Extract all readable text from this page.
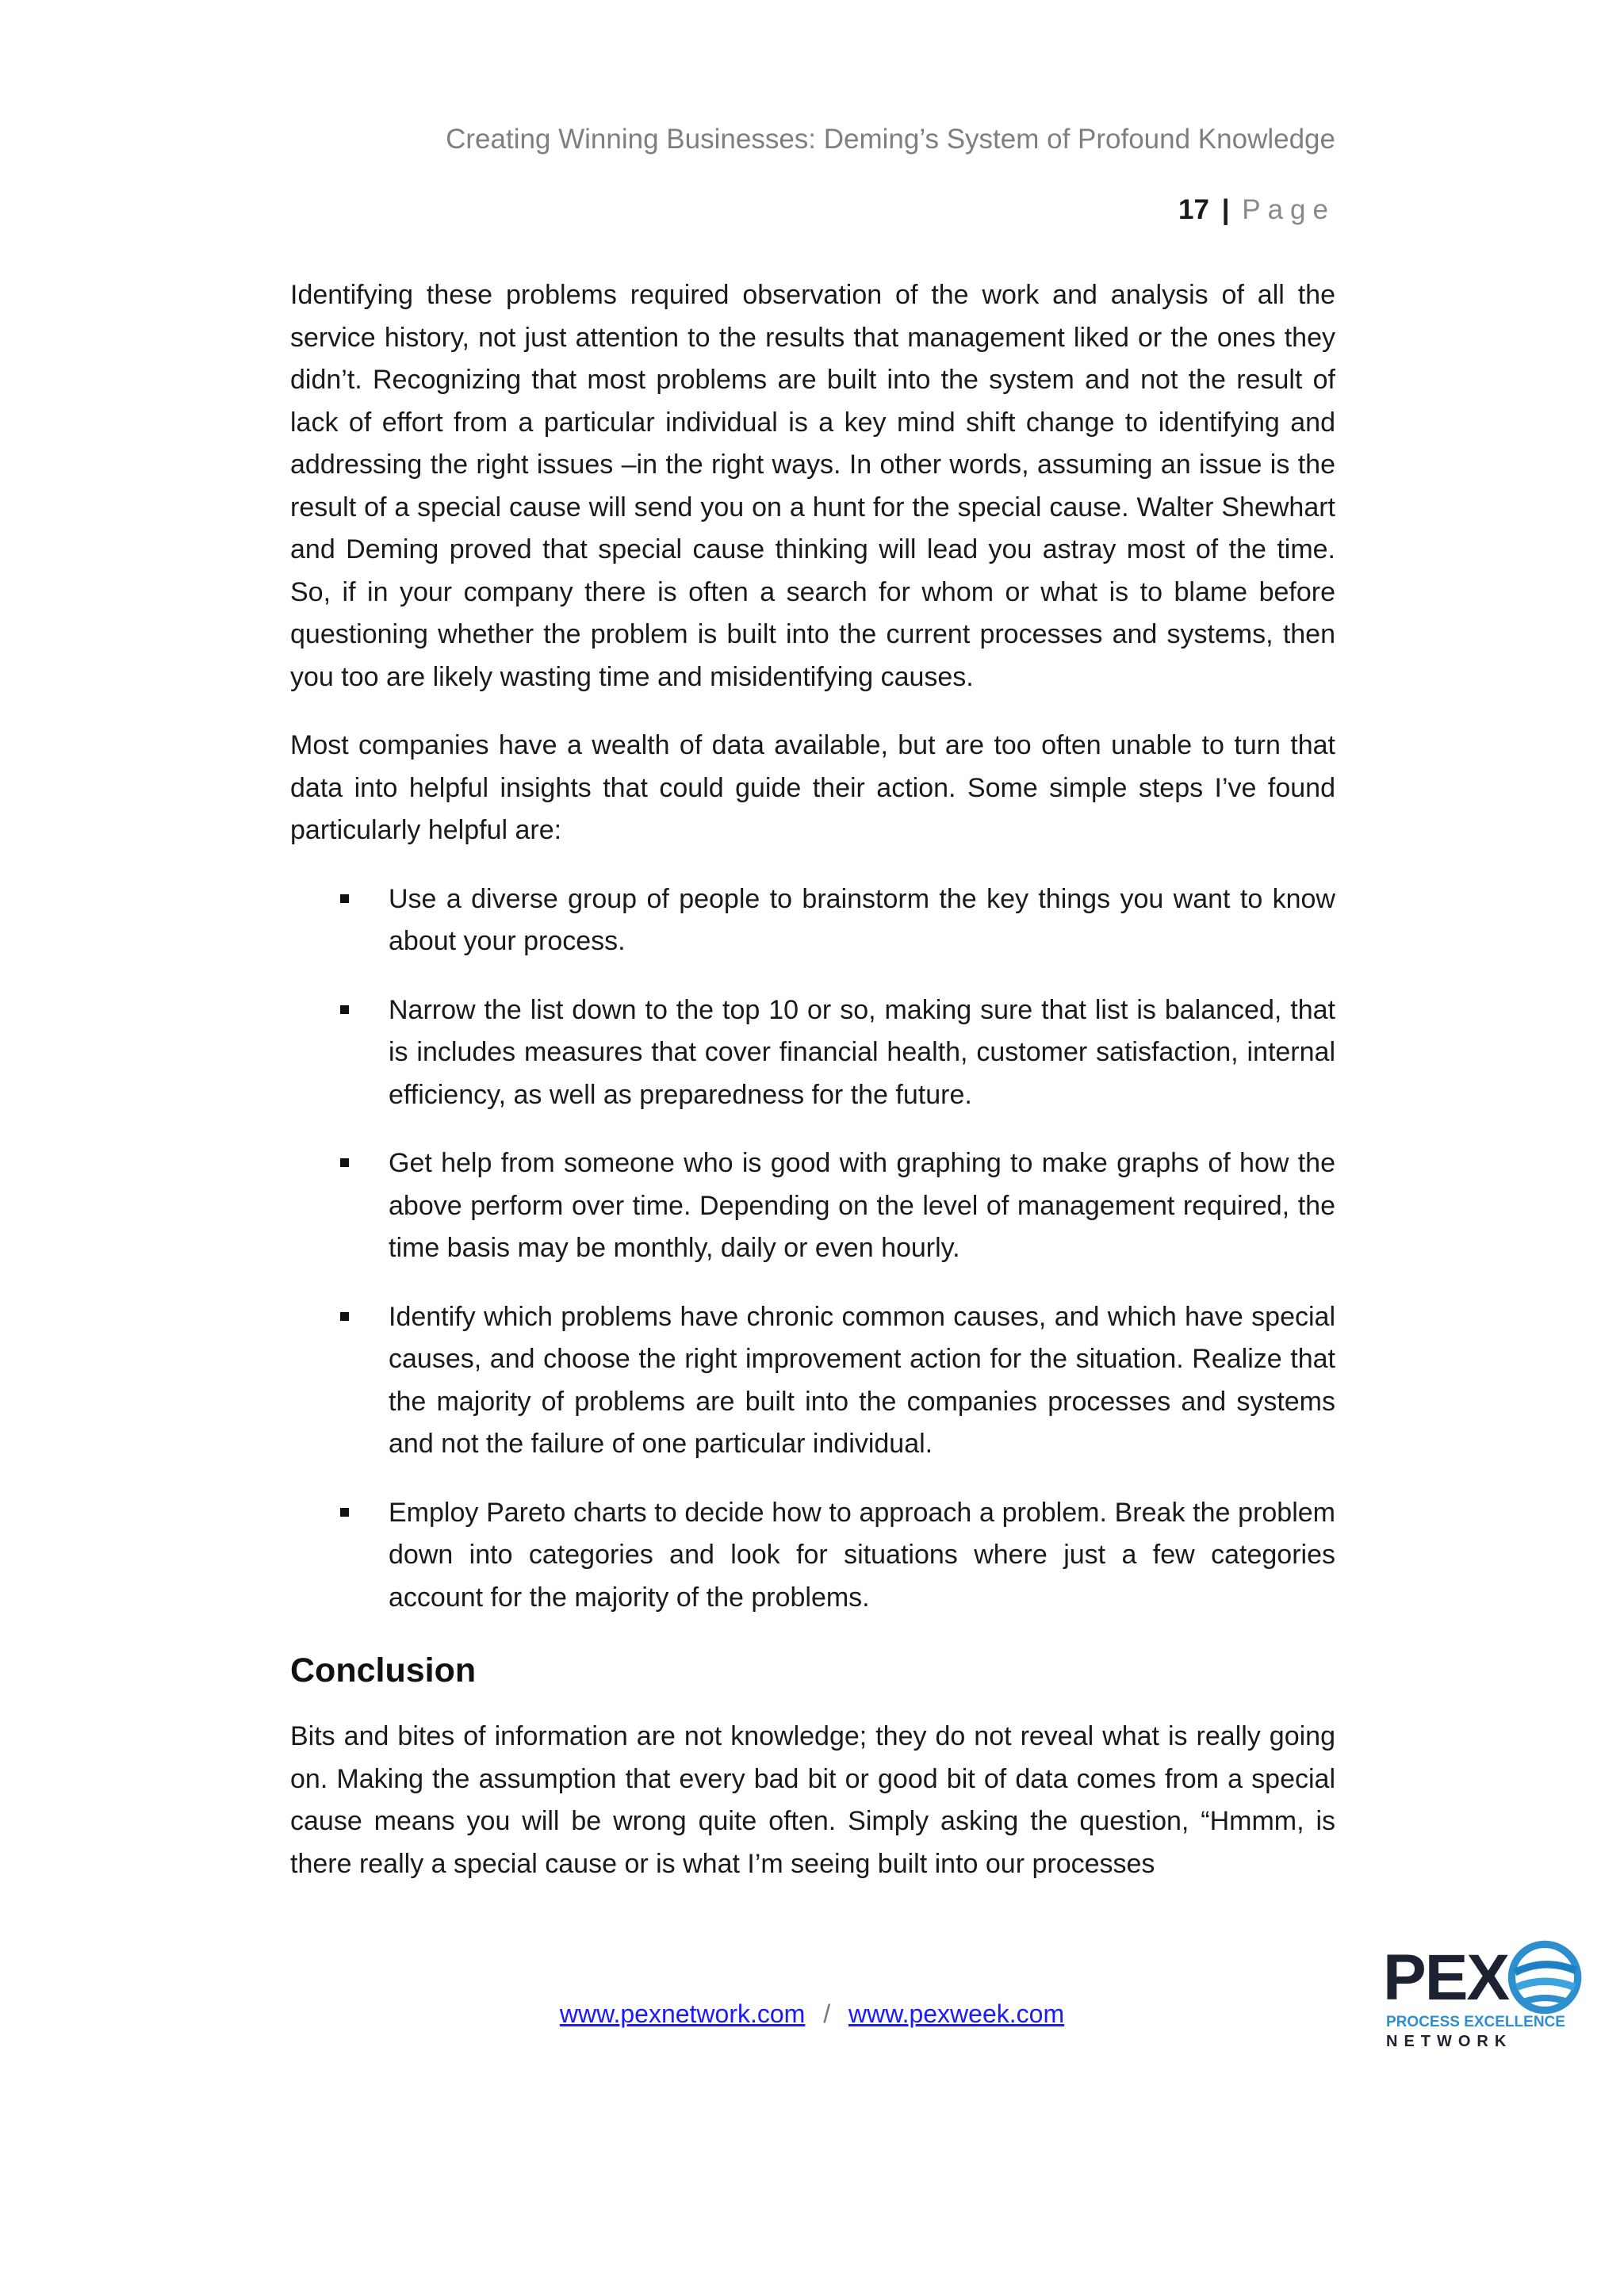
Creating Winning Businesses: Deming’s System of Profound Knowledge
17 | Page

Identifying these problems required observation of the work and analysis of all the service history, not just attention to the results that management liked or the ones they didn’t. Recognizing that most problems are built into the system and not the result of lack of effort from a particular individual is a key mind shift change to identifying and addressing the right issues –in the right ways. In other words, assuming an issue is the result of a special cause will send you on a hunt for the special cause. Walter Shewhart and Deming proved that special cause thinking will lead you astray most of the time. So, if in your company there is often a search for whom or what is to blame before questioning whether the problem is built into the current processes and systems, then you too are likely wasting time and misidentifying causes.

Most companies have a wealth of data available, but are too often unable to turn that data into helpful insights that could guide their action. Some simple steps I’ve found particularly helpful are:

Use a diverse group of people to brainstorm the key things you want to know about your process.
Narrow the list down to the top 10 or so, making sure that list is balanced, that is includes measures that cover financial health, customer satisfaction, internal efficiency, as well as preparedness for the future.
Get help from someone who is good with graphing to make graphs of how the above perform over time. Depending on the level of management required, the time basis may be monthly, daily or even hourly.
Identify which problems have chronic common causes, and which have special causes, and choose the right improvement action for the situation. Realize that the majority of problems are built into the companies processes and systems and not the failure of one particular individual.
Employ Pareto charts to decide how to approach a problem. Break the problem down into categories and look for situations where just a few categories account for the majority of the problems.
Conclusion

Bits and bites of information are not knowledge; they do not reveal what is really going on. Making the assumption that every bad bit or good bit of data comes from a special cause means you will be wrong quite often. Simply asking the question, “Hmmm, is there really a special cause or is what I’m seeing built into our processes

www.pexnetwork.com / www.pexweek.com	PEX
PROCESS EXCELLENCE
NETWORK
